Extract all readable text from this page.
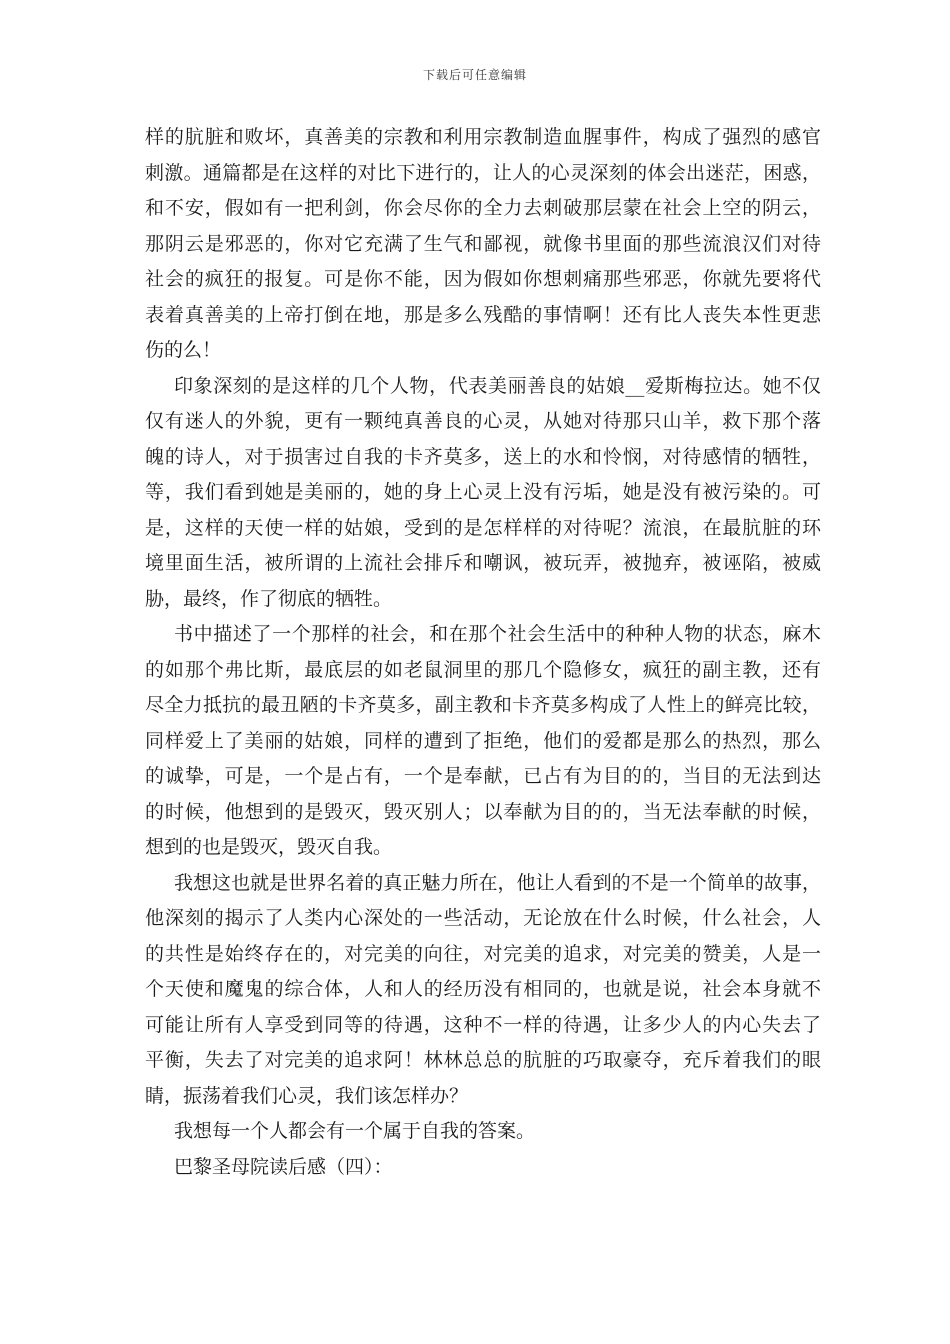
下载后可任意编辑
样的肮脏和败坏，真善美的宗教和利用宗教制造血腥事件，构成了强烈的感官
刺激。通篇都是在这样的对比下进行的，让人的心灵深刻的体会出迷茫，困惑，
和不安，假如有一把利剑，你会尽你的全力去刺破那层蒙在社会上空的阴云，
那阴云是邪恶的，你对它充满了生气和鄙视，就像书里面的那些流浪汉们对待
社会的疯狂的报复。可是你不能，因为假如你想刺痛那些邪恶，你就先要将代
表着真善美的上帝打倒在地，那是多么残酷的事情啊！还有比人丧失本性更悲
伤的么！
印象深刻的是这样的几个人物，代表美丽善良的姑娘__爱斯梅拉达。她不仅
仅有迷人的外貌，更有一颗纯真善良的心灵，从她对待那只山羊，救下那个落
魄的诗人，对于损害过自我的卡齐莫多，送上的水和怜悯，对待感情的牺牲，
等，我们看到她是美丽的，她的身上心灵上没有污垢，她是没有被污染的。可
是，这样的天使一样的姑娘，受到的是怎样样的对待呢？流浪，在最肮脏的环
境里面生活，被所谓的上流社会排斥和嘲讽，被玩弄，被抛弃，被诬陷，被威
胁，最终，作了彻底的牺牲。
书中描述了一个那样的社会，和在那个社会生活中的种种人物的状态，麻木
的如那个弗比斯，最底层的如老鼠洞里的那几个隐修女，疯狂的副主教，还有
尽全力抵抗的最丑陋的卡齐莫多，副主教和卡齐莫多构成了人性上的鲜亮比较，
同样爱上了美丽的姑娘，同样的遭到了拒绝，他们的爱都是那么的热烈，那么
的诚挚，可是，一个是占有，一个是奉献，已占有为目的的，当目的无法到达
的时候，他想到的是毁灭，毁灭别人；以奉献为目的的，当无法奉献的时候，
想到的也是毁灭，毁灭自我。
我想这也就是世界名着的真正魅力所在，他让人看到的不是一个简单的故事，
他深刻的揭示了人类内心深处的一些活动，无论放在什么时候，什么社会，人
的共性是始终存在的，对完美的向往，对完美的追求，对完美的赞美，人是一
个天使和魔鬼的综合体，人和人的经历没有相同的，也就是说，社会本身就不
可能让所有人享受到同等的待遇，这种不一样的待遇，让多少人的内心失去了
平衡，失去了对完美的追求阿！林林总总的肮脏的巧取豪夺，充斥着我们的眼
睛，振荡着我们心灵，我们该怎样办？
我想每一个人都会有一个属于自我的答案。
巴黎圣母院读后感（四）：
